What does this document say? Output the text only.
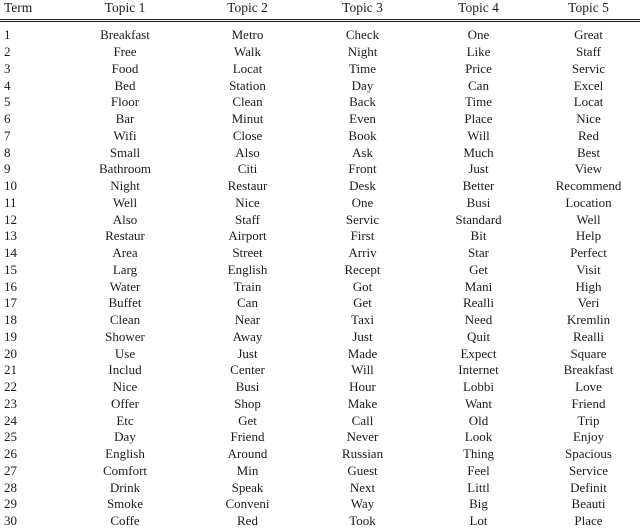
Term	Topic 1	Topic 2	Topic 3	Topic 4	Topic 5
1	Breakfast	Metro	Check	One	Great
2	Free	Walk	Night	Like	Staff
3	Food	Locat	Time	Price	Servic
4	Bed	Station	Day	Can	Excel
5	Floor	Clean	Back	Time	Locat
6	Bar	Minut	Even	Place	Nice
7	Wifi	Close	Book	Will	Red
8	Small	Also	Ask	Much	Best
9	Bathroom	Citi	Front	Just	View
10	Night	Restaur	Desk	Better	Recommend
11	Well	Nice	One	Busi	Location
12	Also	Staff	Servic	Standard	Well
13	Restaur	Airport	First	Bit	Help
14	Area	Street	Arriv	Star	Perfect
15	Larg	English	Recept	Get	Visit
16	Water	Train	Got	Mani	High
17	Buffet	Can	Get	Realli	Veri
18	Clean	Near	Taxi	Need	Kremlin
19	Shower	Away	Just	Quit	Realli
20	Use	Just	Made	Expect	Square
21	Includ	Center	Will	Internet	Breakfast
22	Nice	Busi	Hour	Lobbi	Love
23	Offer	Shop	Make	Want	Friend
24	Etc	Get	Call	Old	Trip
25	Day	Friend	Never	Look	Enjoy
26	English	Around	Russian	Thing	Spacious
27	Comfort	Min	Guest	Feel	Service
28	Drink	Speak	Next	Littl	Definit
29	Smoke	Conveni	Way	Big	Beauti
30	Coffe	Red	Took	Lot	Place
